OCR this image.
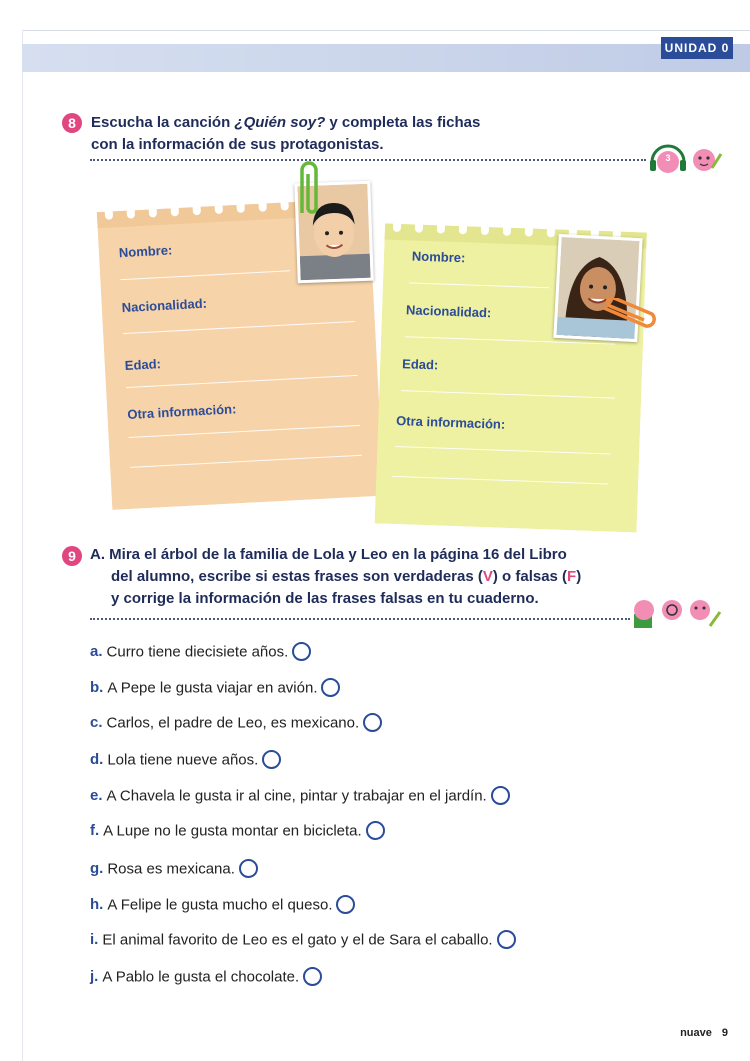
UNIDAD 0
8	Escucha la canción ¿Quién soy? y completa las fichas
con la información de sus protagonistas.
3
Nombre:
Nacionalidad:
Edad:
Otra información:
Nombre:
Nacionalidad:
Edad:
Otra información:
9 A. Mira el árbol de la familia de Lola y Leo en la página 16 del Libro
del alumno, escribe si estas frases son verdaderas (V) o falsas (F)
y corrige la información de las frases falsas en tu cuaderno.
a. Curro tiene diecisiete años.
b. A Pepe le gusta viajar en avión.
c. Carlos, el padre de Leo, es mexicano.
d. Lola tiene nueve años.
e. A Chavela le gusta ir al cine, pintar y trabajar en el jardín.
f. A Lupe no le gusta montar en bicicleta.
g. Rosa es mexicana.
h. A Felipe le gusta mucho el queso.
i. El animal favorito de Leo es el gato y el de Sara el caballo.
j. A Pablo le gusta el chocolate.
nuave 9
